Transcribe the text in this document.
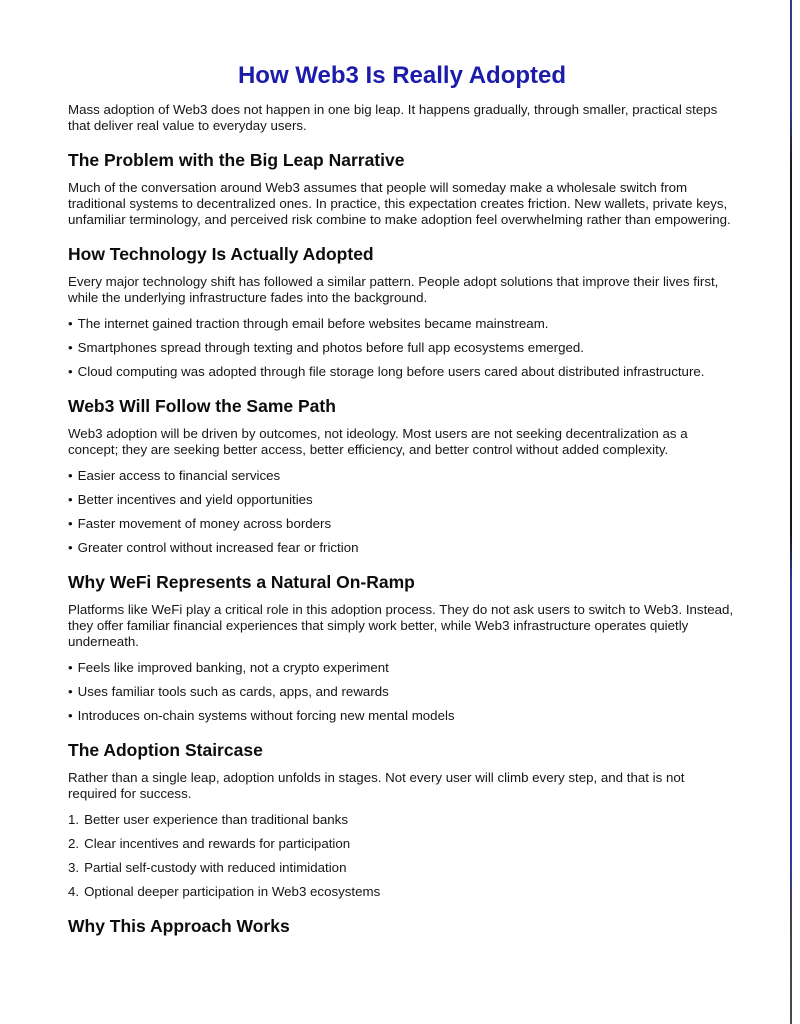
How Web3 Is Really Adopted

Mass adoption of Web3 does not happen in one big leap. It happens gradually, through smaller, practical steps that deliver real value to everyday users.

The Problem with the Big Leap Narrative

Much of the conversation around Web3 assumes that people will someday make a wholesale switch from traditional systems to decentralized ones. In practice, this expectation creates friction. New wallets, private keys, unfamiliar terminology, and perceived risk combine to make adoption feel overwhelming rather than empowering.

How Technology Is Actually Adopted

Every major technology shift has followed a similar pattern. People adopt solutions that improve their lives first, while the underlying infrastructure fades into the background.

• The internet gained traction through email before websites became mainstream.
• Smartphones spread through texting and photos before full app ecosystems emerged.
• Cloud computing was adopted through file storage long before users cared about distributed infrastructure.
Web3 Will Follow the Same Path

Web3 adoption will be driven by outcomes, not ideology. Most users are not seeking decentralization as a concept; they are seeking better access, better efficiency, and better control without added complexity.

• Easier access to financial services
• Better incentives and yield opportunities
• Faster movement of money across borders
• Greater control without increased fear or friction
Why WeFi Represents a Natural On-Ramp

Platforms like WeFi play a critical role in this adoption process. They do not ask users to switch to Web3. Instead, they offer familiar financial experiences that simply work better, while Web3 infrastructure operates quietly underneath.

• Feels like improved banking, not a crypto experiment
• Uses familiar tools such as cards, apps, and rewards
• Introduces on-chain systems without forcing new mental models
The Adoption Staircase

Rather than a single leap, adoption unfolds in stages. Not every user will climb every step, and that is not required for success.

1. Better user experience than traditional banks
2. Clear incentives and rewards for participation
3. Partial self-custody with reduced intimidation
4. Optional deeper participation in Web3 ecosystems
Why This Approach Works
